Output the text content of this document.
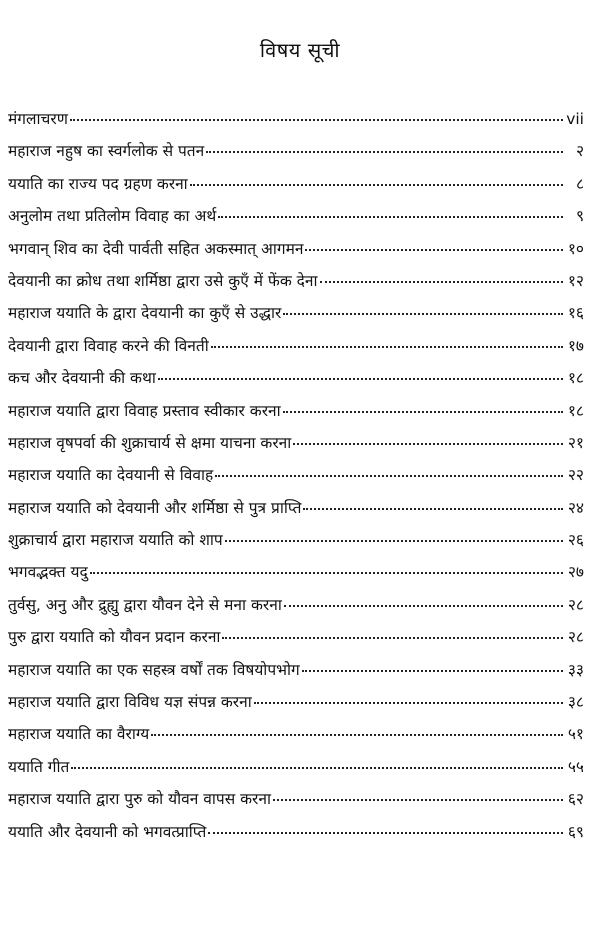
विषय सूची
मंगलाचरण	vii
महाराज नहुष का स्वर्गलोक से पतन	२
ययाति का राज्य पद ग्रहण करना	८
अनुलोम तथा प्रतिलोम विवाह का अर्थ	९
भगवान् शिव का देवी पार्वती सहित अकस्मात् आगमन	१०
देवयानी का क्रोध तथा शर्मिष्ठा द्वारा उसे कुएँ में फेंक देना	१२
महाराज ययाति के द्वारा देवयानी का कुएँ से उद्धार	१६
देवयानी द्वारा विवाह करने की विनती	१७
कच और देवयानी की कथा	१८
महाराज ययाति द्वारा विवाह प्रस्ताव स्वीकार करना	१८
महाराज वृषपर्वा की शुक्राचार्य से क्षमा याचना करना	२१
महाराज ययाति का देवयानी से विवाह	२२
महाराज ययाति को देवयानी और शर्मिष्ठा से पुत्र प्राप्ति	२४
शुक्राचार्य द्वारा महाराज ययाति को शाप	२६
भगवद्भक्त यदु	२७
तुर्वसु, अनु और द्रुह्यु द्वारा यौवन देने से मना करना	२८
पुरु द्वारा ययाति को यौवन प्रदान करना	२८
महाराज ययाति का एक सहस्त्र वर्षों तक विषयोपभोग	३३
महाराज ययाति द्वारा विविध यज्ञ संपन्न करना	३८
महाराज ययाति का वैराग्य	५१
ययाति गीत	५५
महाराज ययाति द्वारा पुरु को यौवन वापस करना	६२
ययाति और देवयानी को भगवत्प्राप्ति	६९
